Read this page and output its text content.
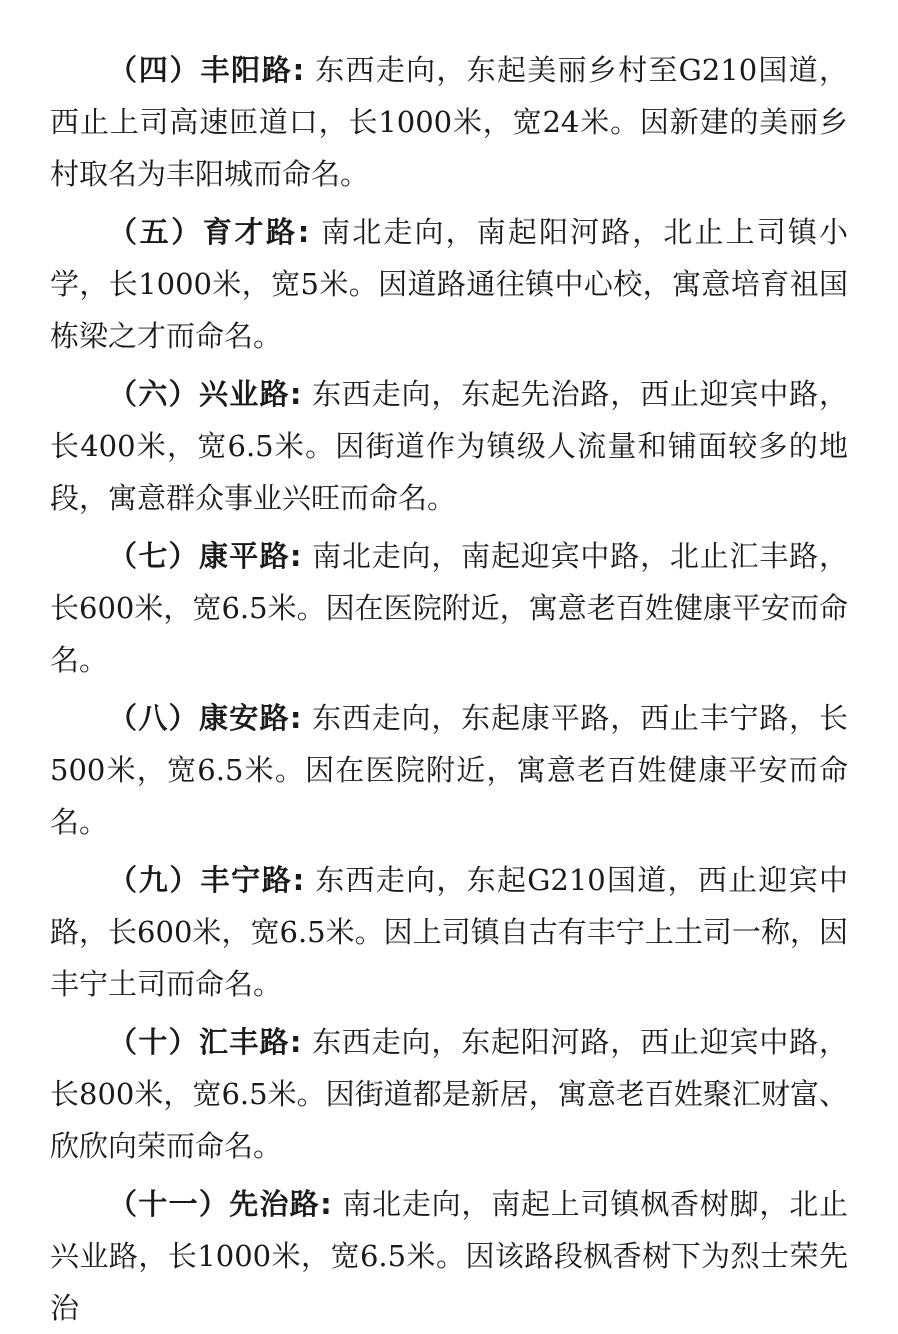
（四）丰阳路: 东西走向，东起美丽乡村至G210国道，西止上司高速匝道口，长1000米，宽24米。因新建的美丽乡村取名为丰阳城而命名。

（五）育才路: 南北走向，南起阳河路，北止上司镇小学，长1000米，宽5米。因道路通往镇中心校，寓意培育祖国栋梁之才而命名。

（六）兴业路: 东西走向，东起先治路，西止迎宾中路，长400米，宽6.5米。因街道作为镇级人流量和铺面较多的地段，寓意群众事业兴旺而命名。

（七）康平路: 南北走向，南起迎宾中路，北止汇丰路，长600米，宽6.5米。因在医院附近，寓意老百姓健康平安而命名。

（八）康安路: 东西走向，东起康平路，西止丰宁路，长500米，宽6.5米。因在医院附近，寓意老百姓健康平安而命名。

（九）丰宁路: 东西走向，东起G210国道，西止迎宾中路，长600米，宽6.5米。因上司镇自古有丰宁上土司一称，因丰宁土司而命名。

（十）汇丰路: 东西走向，东起阳河路，西止迎宾中路，长800米，宽6.5米。因街道都是新居，寓意老百姓聚汇财富、欣欣向荣而命名。

（十一）先治路: 南北走向，南起上司镇枫香树脚，北止兴业路，长1000米，宽6.5米。因该路段枫香树下为烈士荣先治
